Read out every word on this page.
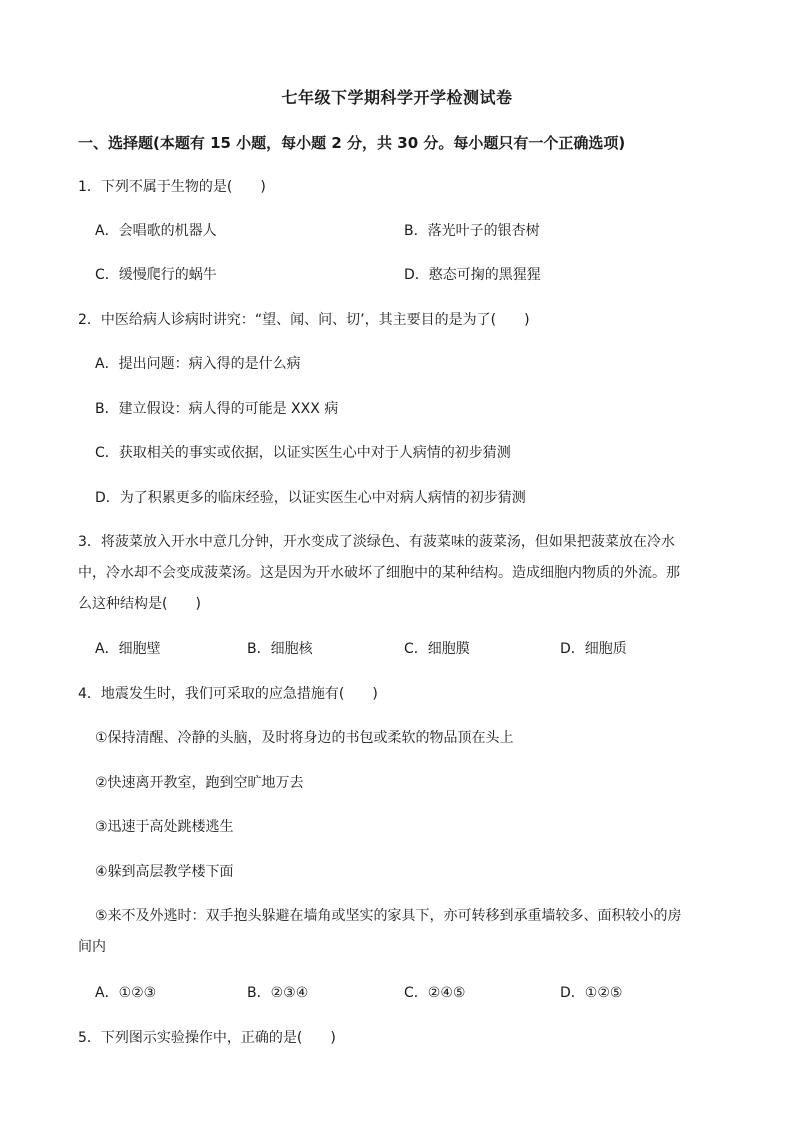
七年级下学期科学开学检测试卷
一、选择题(本题有 15 小题，每小题 2 分，共 30 分。每小题只有一个正确选项)
1．下列不属于生物的是(　　)
A．会唱歌的机器人	B．落光叶子的银杏树
C．缓慢爬行的蜗牛	D．憨态可掬的黑猩猩
2．中医给病人诊病时讲究：“望、闻、问、切’，其主要目的是为了(　　)
A．提出问题：病入得的是什么病
B．建立假设：病人得的可能是 XXX 病
C．获取相关的事实或依据，以证实医生心中对于人病情的初步猜测
D．为了积累更多的临床经验，以证实医生心中对病人病情的初步猜测
3．将菠菜放入开水中意几分钟，开水变成了淡绿色、有菠菜味的菠菜汤，但如果把菠菜放在冷水
中，冷水却不会变成菠菜汤。这是因为开水破坏了细胞中的某种结构。造成细胞内物质的外流。那
么这种结构是(　　)
A．细胞壁	B．细胞核	C．细胞膜	D．细胞质
4．地震发生时，我们可采取的应急措施有(　　)
①保持清醒、冷静的头脑，及时将身边的书包或柔软的物品顶在头上
②快速离开教室，跑到空旷地万去
③迅速于高处跳楼逃生
④躲到高层教学楼下面
⑤来不及外逃时：双手抱头躲避在墙角或坚实的家具下，亦可转移到承重墙较多、面积较小的房
间内
A．①②③	B．②③④	C．②④⑤	D．①②⑤
5．下列图示实验操作中，正确的是(　　)
